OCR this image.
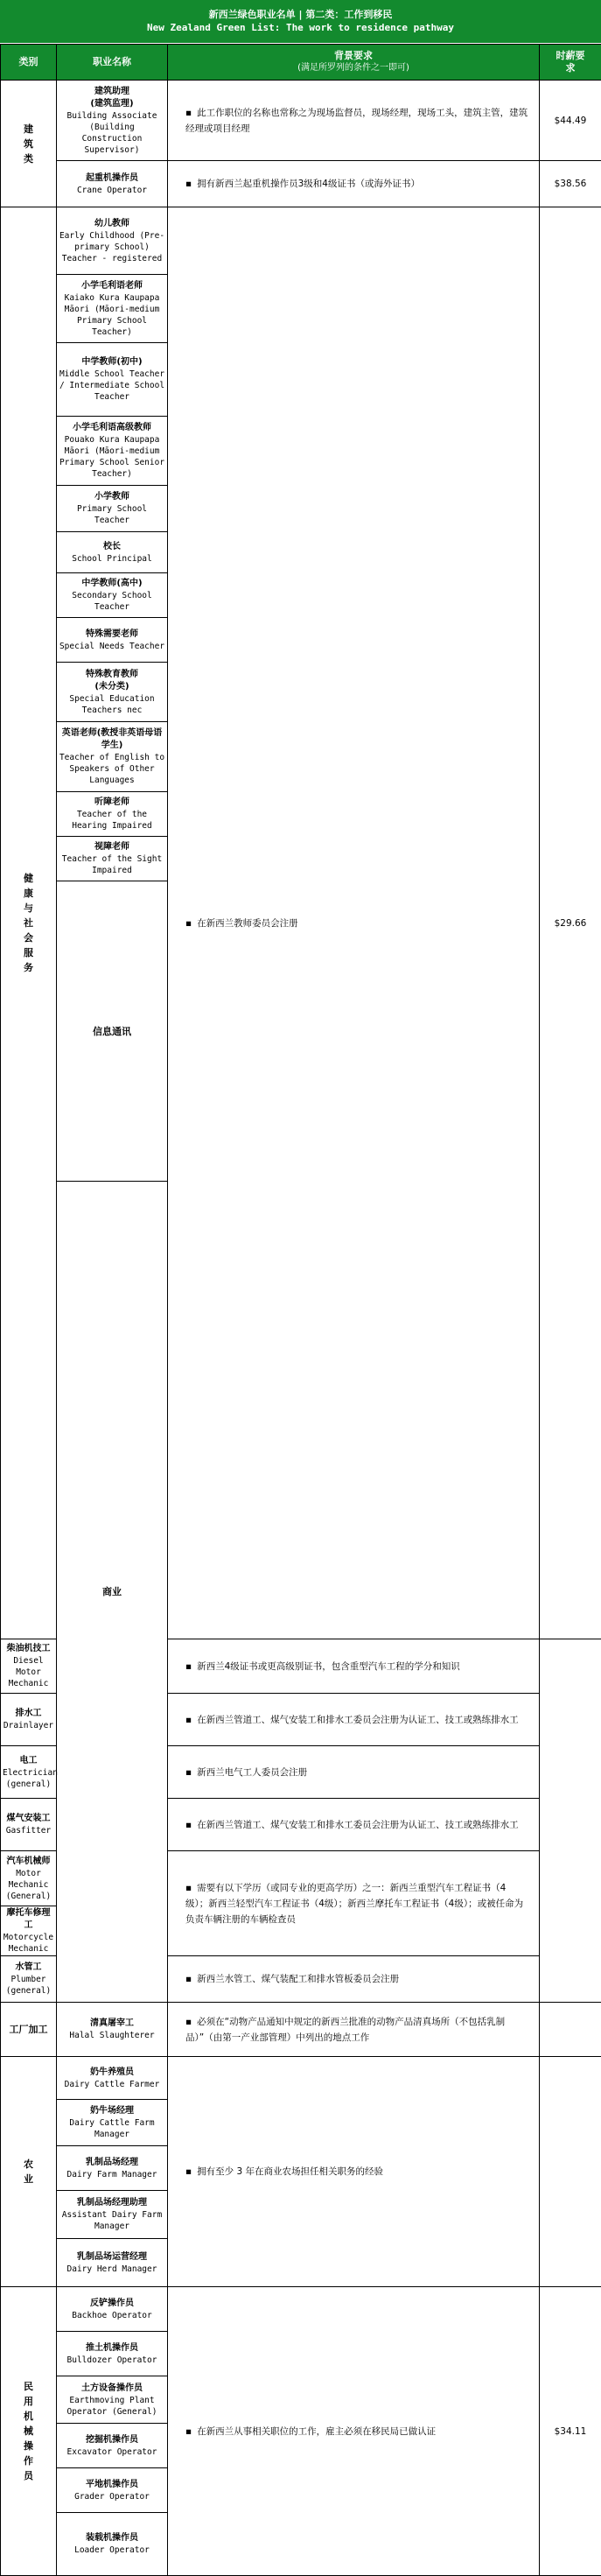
新西兰绿色职业名单 | 第二类：工作到移民
New Zealand Green List: The work to residence pathway
类别	职业名称	背景要求
(满足所罗列的条件之一即可)	时薪要求	
建筑类	建筑助理
(建筑监理)
Building Associate (Building Construction Supervisor)	▪ 此工作职位的名称也常称之为现场监督员，现场经理，现场工头，建筑主管，建筑经理或项目经理	$44.49	

	起重机操作员
Crane Operator	▪ 拥有新西兰起重机操作员3级和4级证书（或海外证书）	$38.56	
健康与社会服务	幼儿教师
Early Childhood (Pre-primary School) Teacher - registered	▪ 在新西兰教师委员会注册	$29.66	

	小学毛利语老师
Kaiako Kura Kaupapa Māori (Māori-medium Primary School Teacher)			

	中学教师(初中)
Middle School Teacher / Intermediate School Teacher			

	小学毛利语高级教师
Pouako Kura Kaupapa Māori (Māori-medium Primary School Senior Teacher)			

	小学教师
Primary School Teacher			

	校长
School Principal			

	中学教师(高中)
Secondary School Teacher			

	特殊需要老师
Special Needs Teacher			

	特殊教育教师
(未分类)
Special Education Teachers nec			

	英语老师(教授非英语母语学生)
Teacher of English to Speakers of Other Languages			

	听障老师
Teacher of the Hearing Impaired			

	视障老师
Teacher of the Sight Impaired			

	信息通讯	

	商业	

柴油机技工
Diesel Motor Mechanic		▪ 新西兰4级证书或更高级别证书，包含重型汽车工程的学分和知识		

排水工
Drainlayer		▪ 在新西兰管道工、煤气安装工和排水工委员会注册为认证工、技工或熟练排水工		

电工
Electrician (general)		▪ 新西兰电气工人委员会注册		

煤气安装工
Gasfitter		▪ 在新西兰管道工、煤气安装工和排水工委员会注册为认证工、技工或熟练排水工		

汽车机械师
Motor Mechanic (General)		▪ 需要有以下学历（或同专业的更高学历）之一：新西兰重型汽车工程证书（4级）；新西兰轻型汽车工程证书（4级）；新西兰摩托车工程证书（4级）；或被任命为负责车辆注册的车辆检查员		

摩托车修理工
Motorcycle Mechanic				

水管工
Plumber (general)		▪ 新西兰水管工、煤气装配工和排水管板委员会注册		
工厂加工	清真屠宰工
Halal Slaughterer	▪ 必须在“动物产品通知中规定的新西兰批准的动物产品清真场所（不包括乳制品）”（由第一产业部管理）中列出的地点工作		
农业	奶牛养殖员
Dairy Cattle Farmer	▪ 拥有至少 3 年在商业农场担任相关职务的经验		

	奶牛场经理
Dairy Cattle Farm Manager			

	乳制品场经理
Dairy Farm Manager			

	乳制品场经理助理
Assistant Dairy Farm Manager			

	乳制品场运营经理
Dairy Herd Manager			

民用机械操作员	反铲操作员
Backhoe Operator	▪ 在新西兰从事相关职位的工作，雇主必须在移民局已做认证	$34.11	

	推土机操作员
Bulldozer Operator			

	土方设备操作员
Earthmoving Plant Operator (General)			

	挖掘机操作员
Excavator Operator			

	平地机操作员
Grader Operator			

	装载机操作员
Loader Operator			
